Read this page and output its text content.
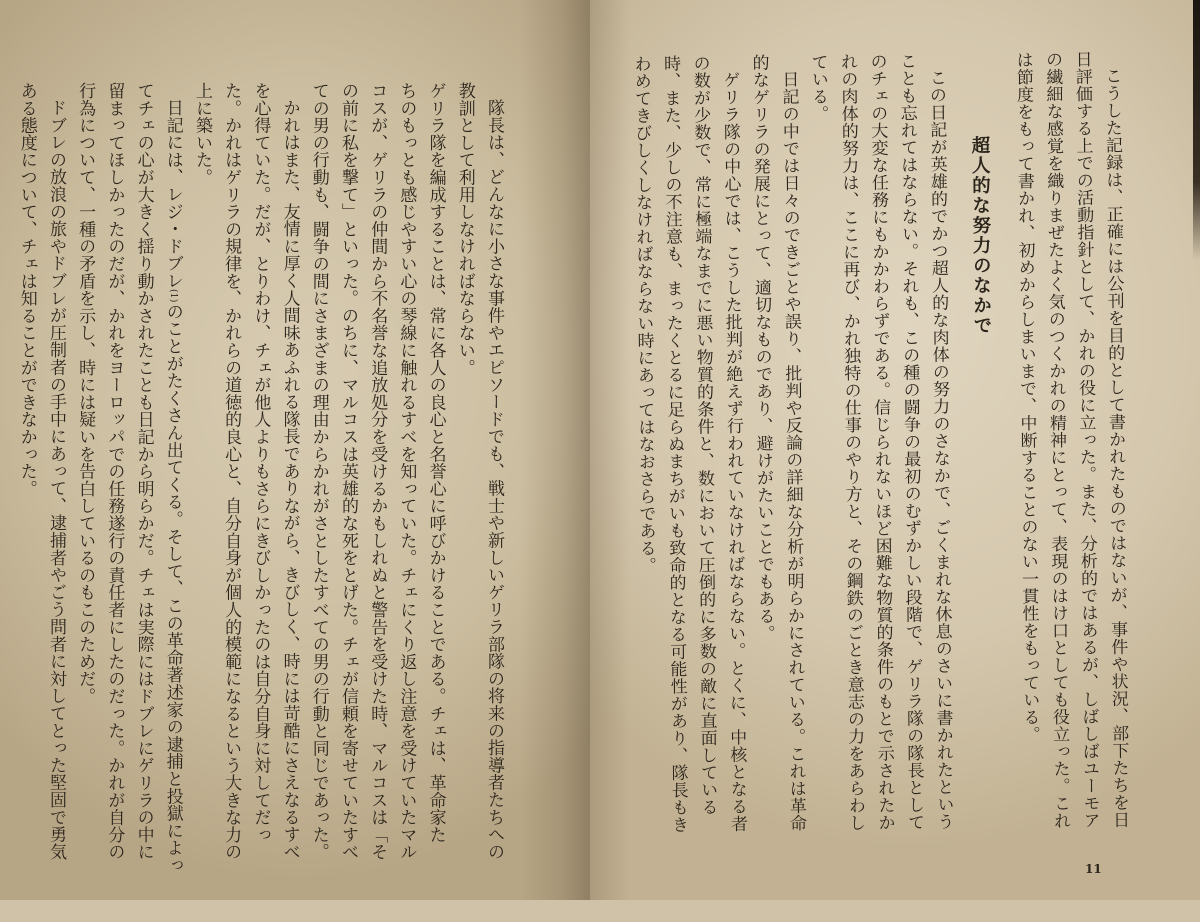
隊長は、どんなに小さな事件やエピソードでも、戦士や新しいゲリラ部隊の将来の指導者たちへの
教訓として利用しなければならない。
ゲリラ隊を編成することは、常に各人の良心と名誉心に呼びかけることである。チェは、革命家た
ちのもっとも感じやすい心の琴線に触れるすべを知っていた。チェにくり返し注意を受けていたマル
コスが、ゲリラの仲間から不名誉な追放処分を受けるかもしれぬと警告を受けた時、マルコスは「そ
の前に私を撃て」といった。のちに、マルコスは英雄的な死をとげた。チェが信頼を寄せていたすべ
ての男の行動も、闘争の間にさまざまの理由からかれがさとしたすべての男の行動と同じであった。
かれはまた、友情に厚く人間味あふれる隊長でありながら、きびしく、時には苛酷にさえなるすべ
を心得ていた。だが、とりわけ、チェが他人よりもさらにきびしかったのは自分自身に対してだっ
た。かれはゲリラの規律を、かれらの道徳的良心と、自分自身が個人的模範になるという大きな力の
上に築いた。
日記には、レジ・ドブレ$^{(1)}$のことがたくさん出てくる。そして、この革命著述家の逮捕と投獄によっ
てチェの心が大きく揺り動かされたことも日記から明らかだ。チェは実際にはドブレにゲリラの中に
留まってほしかったのだが、かれをヨーロッパでの任務遂行の責任者にしたのだった。かれが自分の
行為について、一種の矛盾を示し、時には疑いを告白しているのもこのためだ。
ドブレの放浪の旅やドブレが圧制者の手中にあって、逮捕者やごう問者に対してとった堅固で勇気
ある態度について、チェは知ることができなかった。	こうした記録は、正確には公刊を目的として書かれたものではないが、事件や状況、部下たちを日
日評価する上での活動指針として、かれの役に立った。また、分析的ではあるが、しばしばユーモア
の繊細な感覚を織りまぜたよく気のつくかれの精神にとって、表現のはけ口としても役立った。これ
は節度をもって書かれ、初めからしまいまで、中断することのない一貫性をもっている。
超人的な努力のなかで
この日記が英雄的でかつ超人的な肉体の努力のさなかで、ごくまれな休息のさいに書かれたという
ことも忘れてはならない。それも、この種の闘争の最初のむずかしい段階で、ゲリラ隊の隊長として
のチェの大変な任務にもかかわらずである。信じられないほど困難な物質的条件のもとで示されたか
れの肉体的努力は、ここに再び、かれ独特の仕事のやり方と、その鋼鉄のごとき意志の力をあらわし
ている。
日記の中では日々のできごとや誤り、批判や反論の詳細な分析が明らかにされている。これは革命
的なゲリラの発展にとって、適切なものであり、避けがたいことでもある。
ゲリラ隊の中心では、こうした批判が絶えず行われていなければならない。とくに、中核となる者
の数が少数で、常に極端なまでに悪い物質的条件と、数において圧倒的に多数の敵に直面している
時、また、少しの不注意も、まったくとるに足らぬまちがいも致命的となる可能性があり、隊長もき
わめてきびしくしなければならない時にあってはなおさらである。
11
